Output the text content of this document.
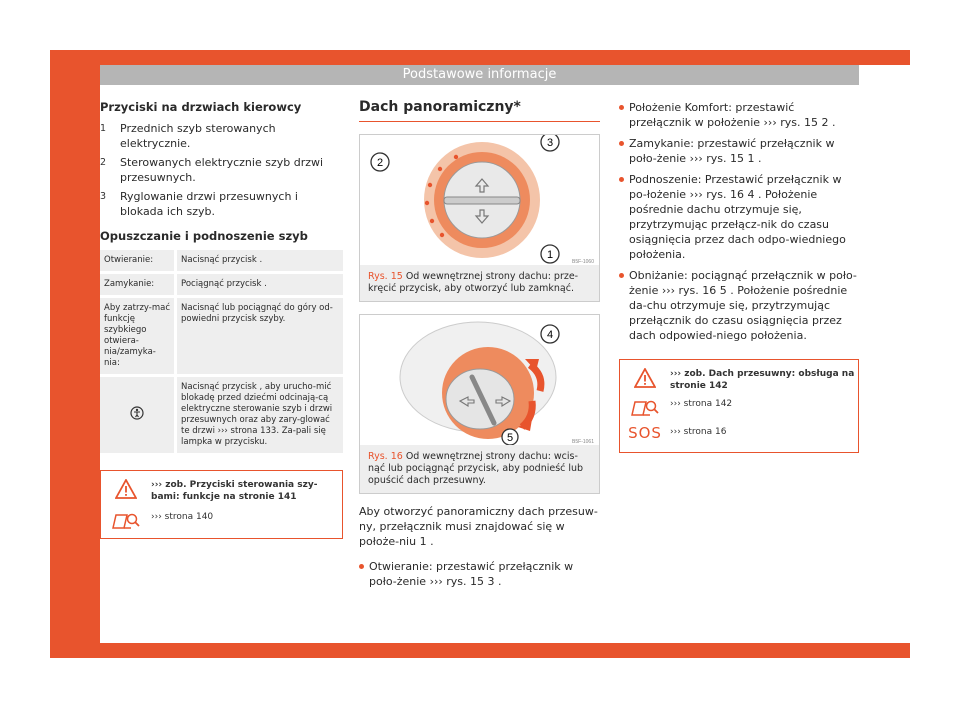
Podstawowe informacje
Przyciski na drzwiach kierowcy
1 Przednich szyb sterowanych elektrycznie.
2 Sterowanych elektrycznie szyb drzwi przesuwnych.
3 Ryglowanie drzwi przesuwnych i blokada ich szyb.
Opuszczanie i podnoszenie szyb
Otwieranie:	Nacisnąć przycisk .
Zamykanie:	Pociągnąć przycisk .
Aby zatrzy-mać funkcję szybkiego otwiera-nia/zamyka-nia:	Nacisnąć lub pociągnąć do góry od-powiedni przycisk szyby.
	Nacisnąć przycisk , aby urucho-mić blokadę przed dziećmi odcinają-cą elektryczne sterowanie szyb i drzwi przesuwnych oraz aby zary-glować te drzwi ››› strona 133. Za-pali się lampka w przycisku.
››› zob. Przyciski sterowania szy-bami: funkcje na stronie 141
››› strona 140
Dach panoramiczny*
2
3
1
B5F-1060
Rys. 15 Od wewnętrznej strony dachu: prze-kręcić przycisk, aby otworzyć lub zamknąć.
4
5	B5F-1061
Rys. 16 Od wewnętrznej strony dachu: wcis-nąć lub pociągnąć przycisk, aby podnieść lub opuścić dach przesuwny.
Aby otworzyć panoramiczny dach przesuw-ny, przełącznik musi znajdować się w położe-niu 1 .
Otwieranie: przestawić przełącznik w poło-żenie ››› rys. 15 3 .
Położenie Komfort: przestawić przełącznik w położenie ››› rys. 15 2 .
Zamykanie: przestawić przełącznik w poło-żenie ››› rys. 15 1 .
Podnoszenie: Przestawić przełącznik w po-łożenie ››› rys. 16 4 . Położenie pośrednie dachu otrzymuje się, przytrzymując przełącz-nik do czasu osiągnięcia przez dach odpo-wiedniego położenia.
Obniżanie: pociągnąć przełącznik w poło-żenie ››› rys. 16 5 . Położenie pośrednie da-chu otrzymuje się, przytrzymując przełącznik do czasu osiągnięcia przez dach odpowied-niego położenia.
››› zob. Dach przesuwny: obsługa na stronie 142
››› strona 142
SOS ››› strona 16
15
